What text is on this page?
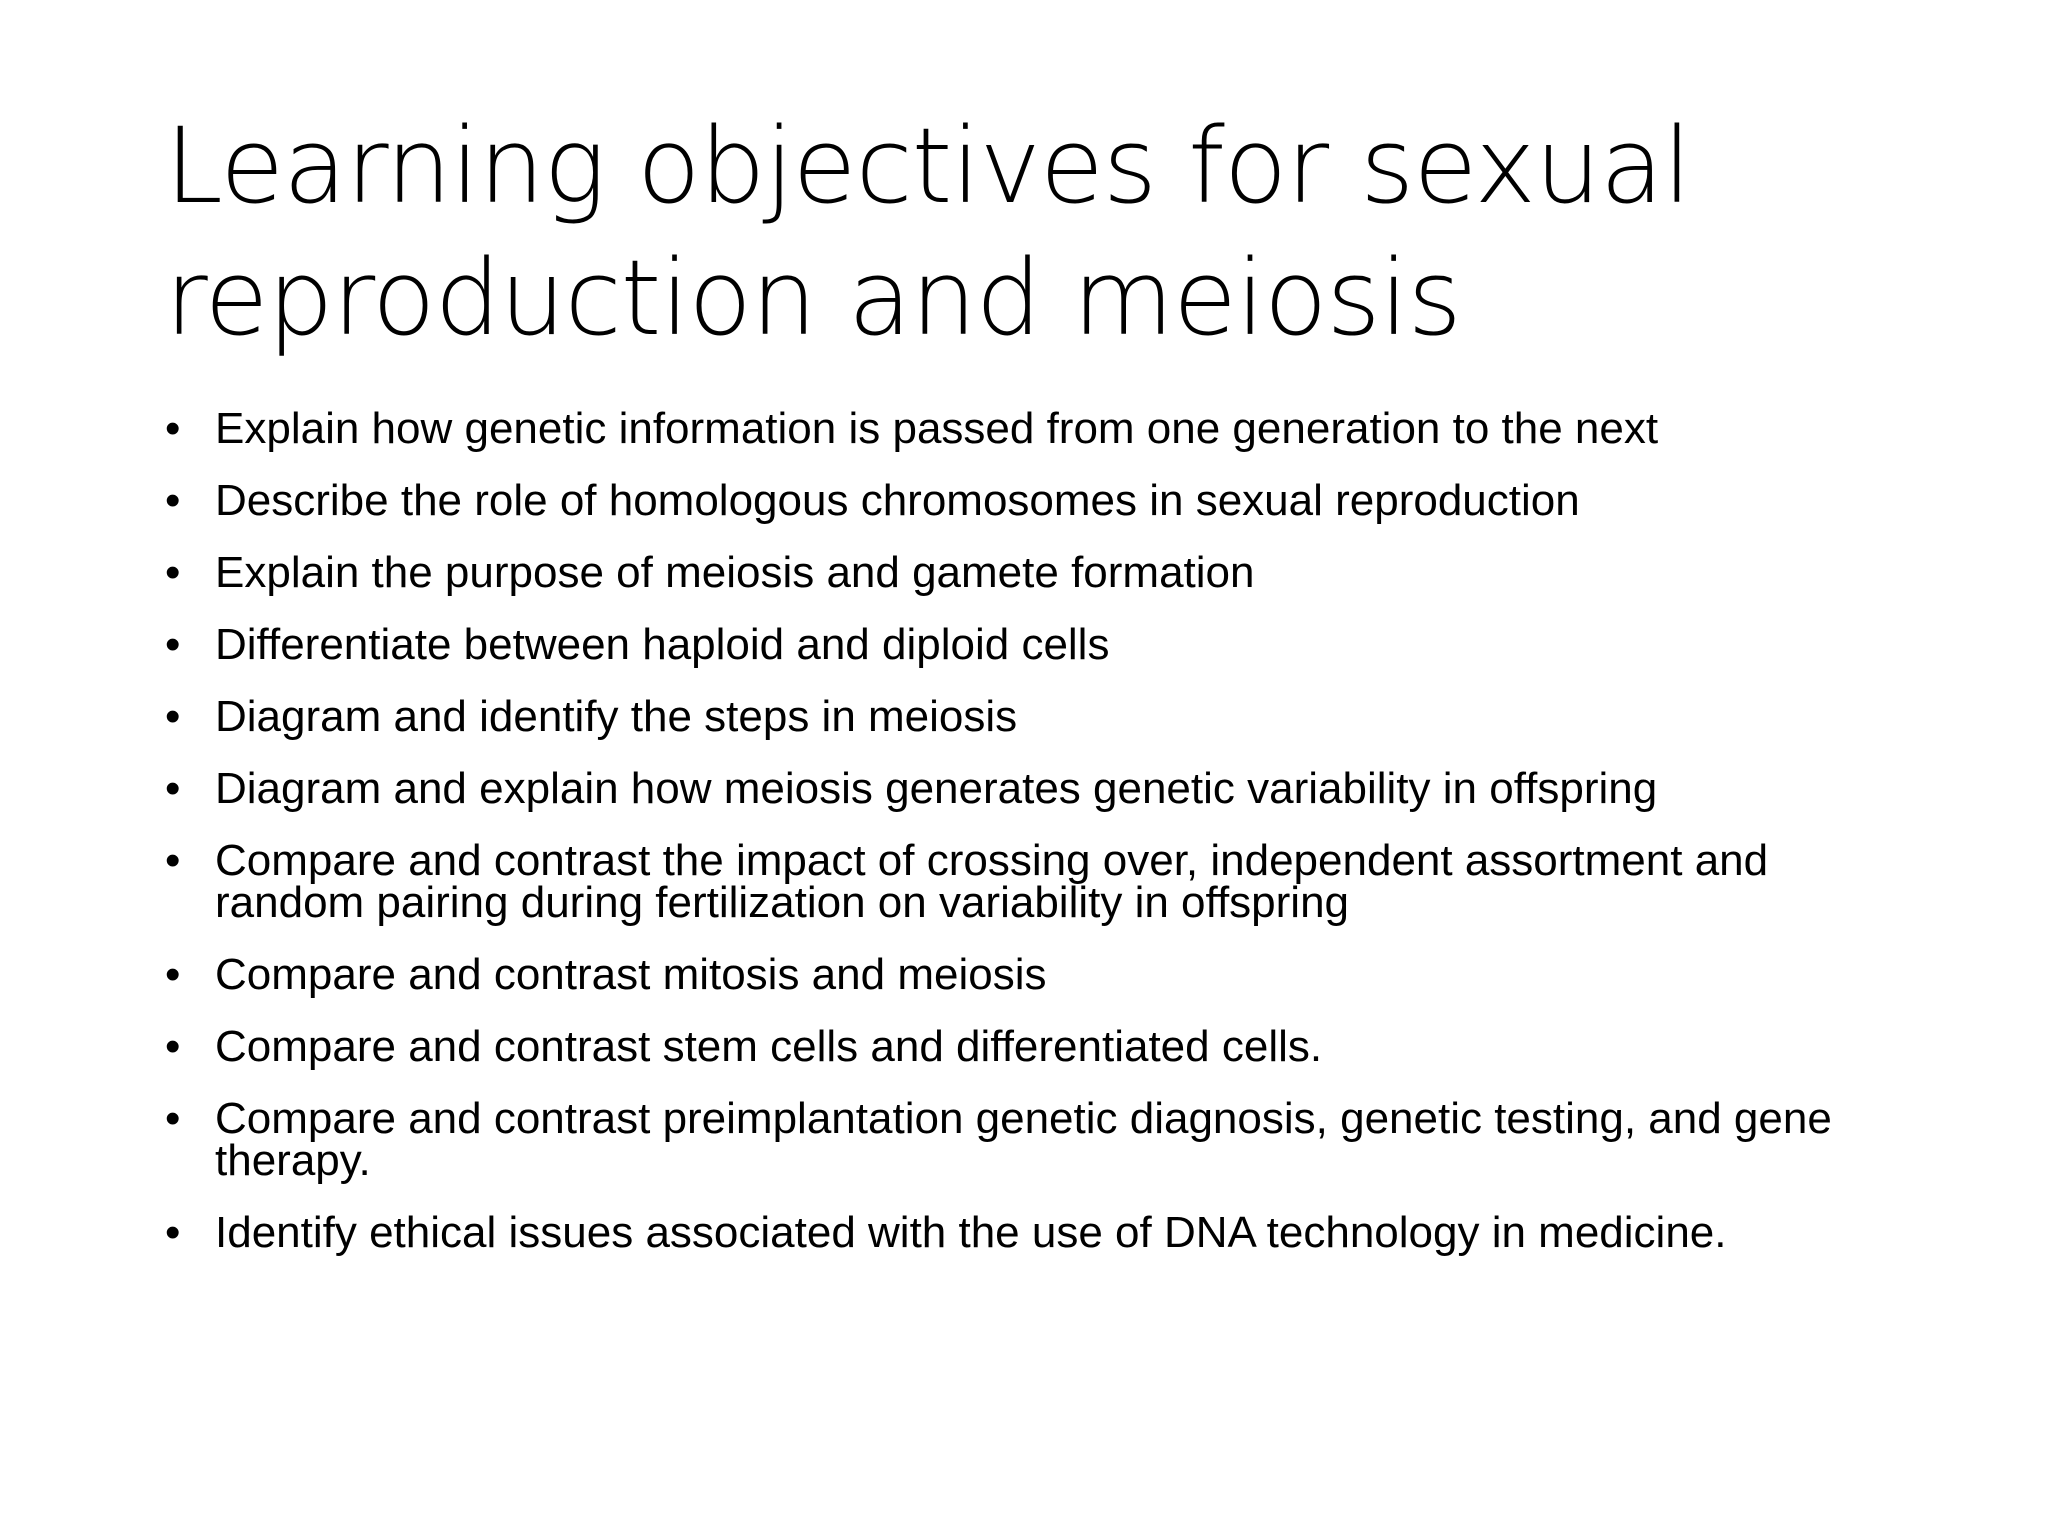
Learning objectives for sexual reproduction and meiosis
• Explain how genetic information is passed from one generation to the next
• Describe the role of homologous chromosomes in sexual reproduction
• Explain the purpose of meiosis and gamete formation
• Differentiate between haploid and diploid cells
• Diagram and identify the steps in meiosis
• Diagram and explain how meiosis generates genetic variability in offspring
• Compare and contrast the impact of crossing over, independent assortment and random pairing during fertilization on variability in offspring
• Compare and contrast mitosis and meiosis
• Compare and contrast stem cells and differentiated cells.
• Compare and contrast preimplantation genetic diagnosis, genetic testing, and gene therapy.
• Identify ethical issues associated with the use of DNA technology in medicine.
